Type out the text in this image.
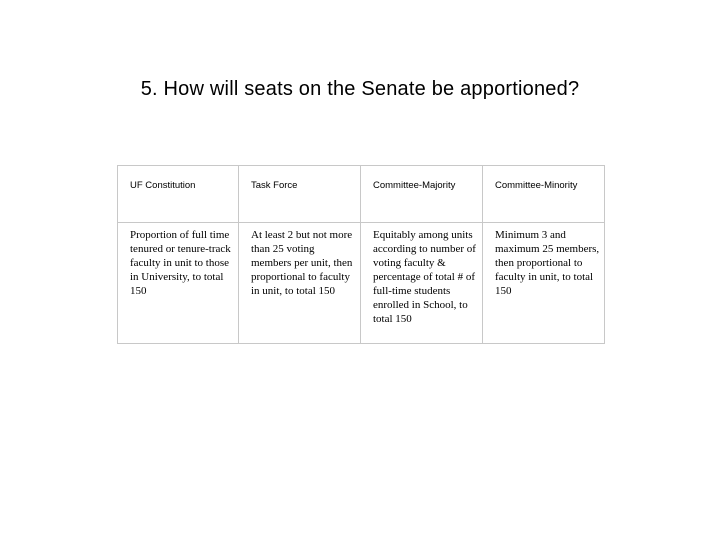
5. How will seats on the Senate be apportioned?
UF Constitution	Task Force	Committee-Majority	Committee-Minority

Proportion of full time tenured or tenure-track faculty in unit to those in University, to total 150	At least 2 but not more than 25 voting members per unit, then proportional to faculty in unit, to total 150	Equitably among units according to number of voting faculty & percentage of total # of full-time students enrolled in School, to total 150	Minimum 3 and maximum 25 members, then proportional to faculty in unit, to total 150
